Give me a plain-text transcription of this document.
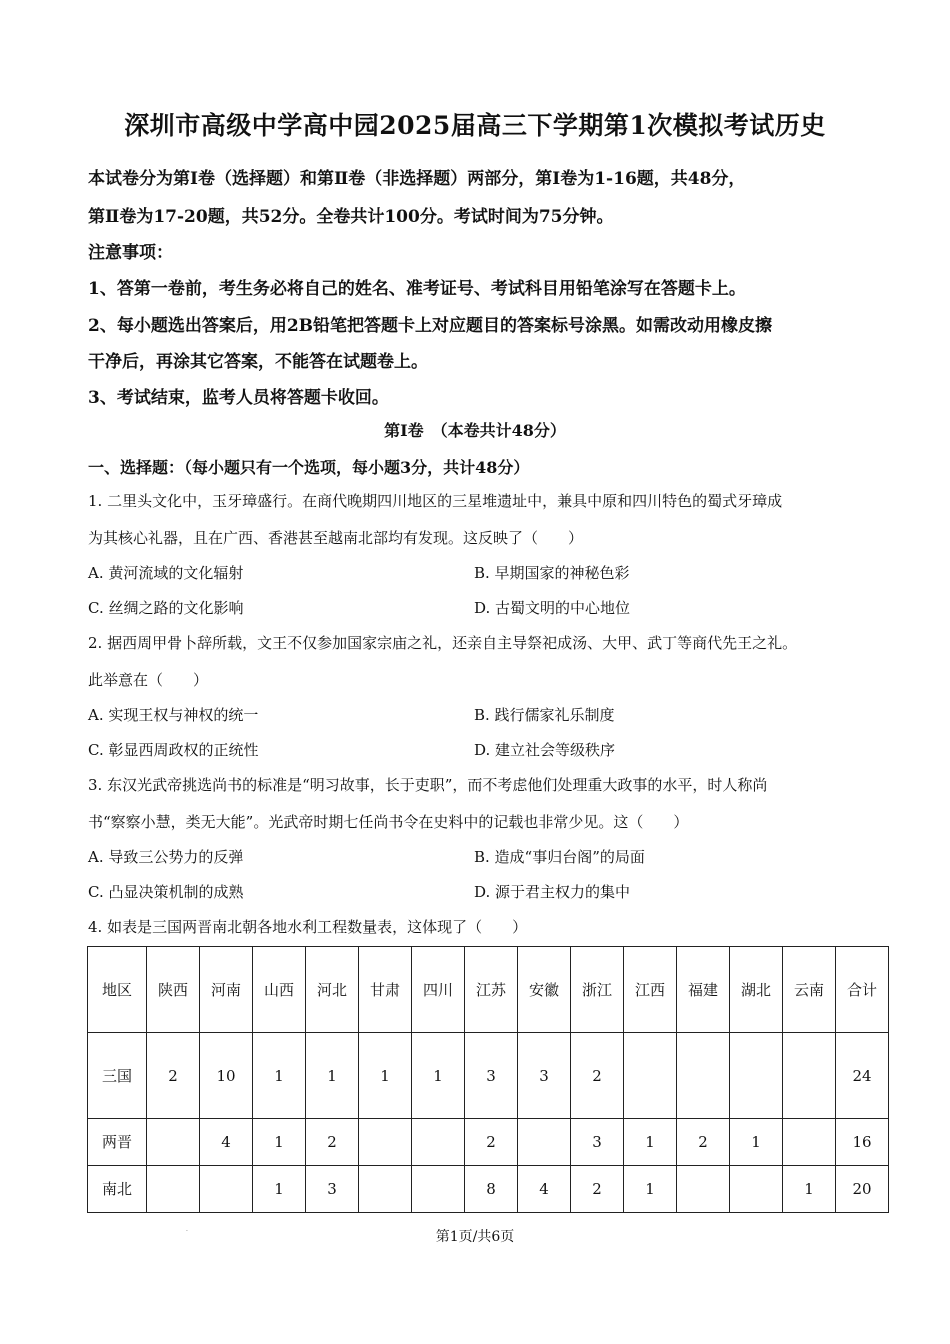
深圳市高级中学高中园2025届高三下学期第1次模拟考试历史
本试卷分为第Ⅰ卷（选择题）和第Ⅱ卷（非选择题）两部分，第Ⅰ卷为1-16题，共48分，
第Ⅱ卷为17-20题，共52分。全卷共计100分。考试时间为75分钟。
注意事项：
1、答第一卷前，考生务必将自己的姓名、准考证号、考试科目用铅笔涂写在答题卡上。
2、每小题选出答案后，用2B铅笔把答题卡上对应题目的答案标号涂黑。如需改动用橡皮擦
干净后，再涂其它答案，不能答在试题卷上。
3、考试结束，监考人员将答题卡收回。
第Ⅰ卷　（本卷共计48分）
一、选择题：（每小题只有一个选项，每小题3分，共计48分）
1. 二里头文化中，玉牙璋盛行。在商代晚期四川地区的三星堆遗址中，兼具中原和四川特色的蜀式牙璋成
为其核心礼器，且在广西、香港甚至越南北部均有发现。这反映了（　　）
A. 黄河流域的文化辐射	B. 早期国家的神秘色彩
C. 丝绸之路的文化影响	D. 古蜀文明的中心地位
2. 据西周甲骨卜辞所载，文王不仅参加国家宗庙之礼，还亲自主导祭祀成汤、大甲、武丁等商代先王之礼。
此举意在（　　）
A. 实现王权与神权的统一	B. 践行儒家礼乐制度
C. 彰显西周政权的正统性	D. 建立社会等级秩序
3. 东汉光武帝挑选尚书的标准是“明习故事，长于吏职”，而不考虑他们处理重大政事的水平，时人称尚
书“察察小慧，类无大能”。光武帝时期七任尚书令在史料中的记载也非常少见。这（　　）
A. 导致三公势力的反弹	B. 造成“事归台阁”的局面
C. 凸显决策机制的成熟	D. 源于君主权力的集中
4. 如表是三国两晋南北朝各地水利工程数量表，这体现了（　　）
地区	陕西	河南	山西	河北	甘肃	四川	江苏	安徽	浙江	江西	福建	湖北	云南	合计
三国	2	10	1	1	1	1	3	3	2					24
两晋		4	1	2			2		3	1	2	1		16
南北			1	3			8	4	2	1			1	20
.	第1页/共6页
